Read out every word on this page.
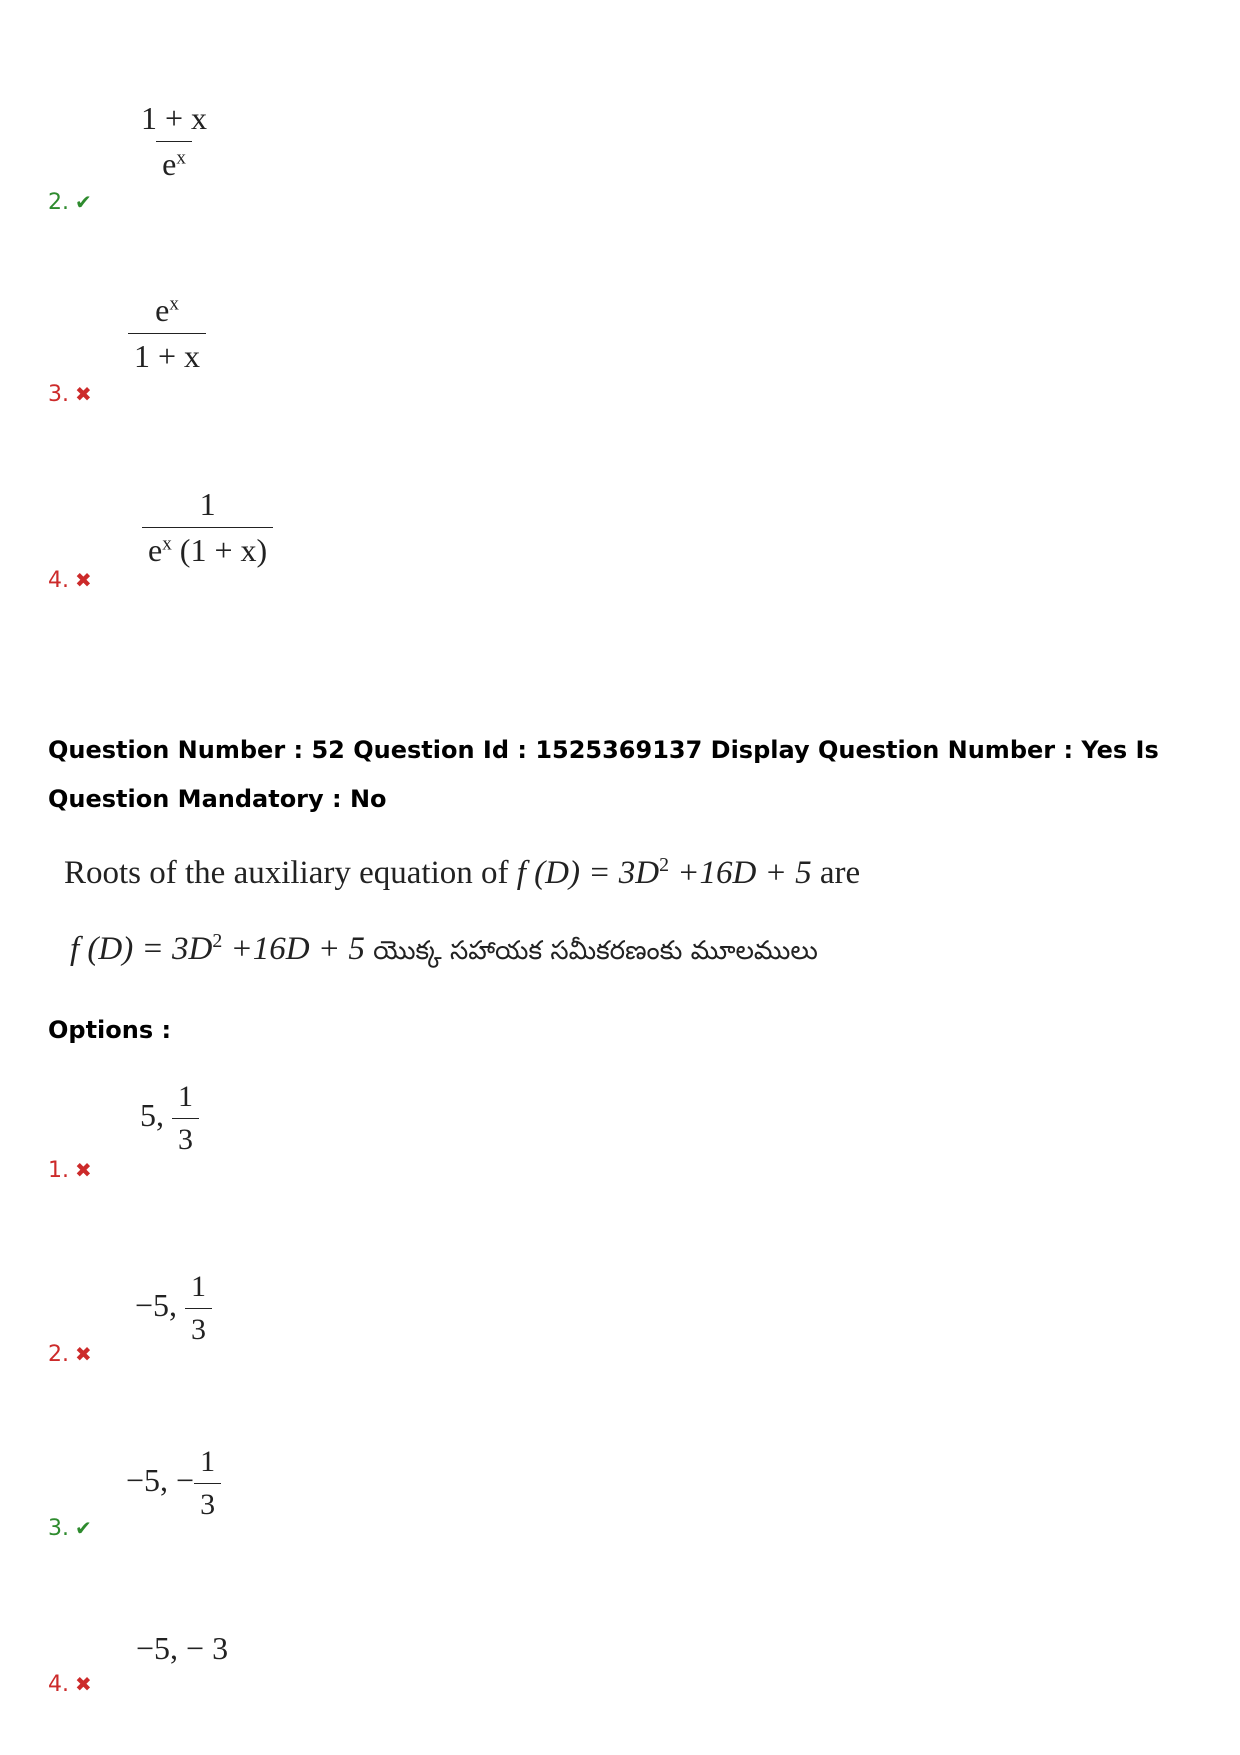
2. ✔
$\frac{1 + x}{e^x}$
3. ✖
$\frac{e^x}{1 + x}$
4. ✖
$\frac{1}{e^x (1 + x)}$
Question Number : 52 Question Id : 1525369137 Display Question Number : Yes Is Question Mandatory : No
Roots of the auxiliary equation of f $(D) = 3D^2 +16D + 5$ are
f $(D) = 3D^2 +16D + 5$ యొక్క సహాయక సమీకరణంకు మూలములు
Options :
1. ✖
5, $\frac{1}{3}$
2. ✖
−5, $\frac{1}{3}$
3. ✔
−5, − $\frac{1}{3}$
4. ✖
−5, − 3
